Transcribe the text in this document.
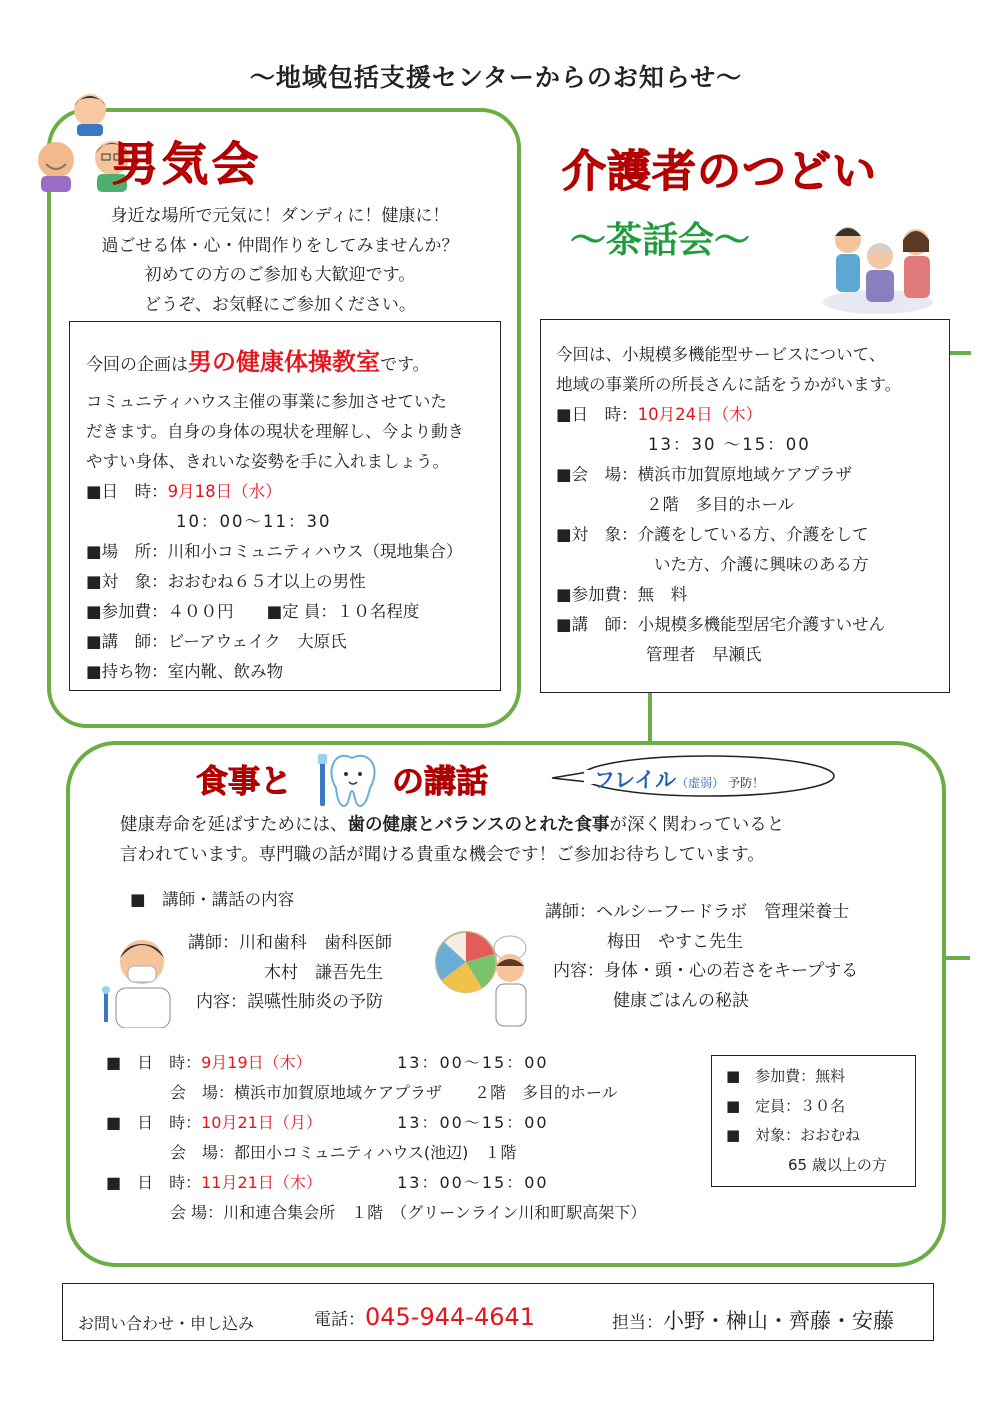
～地域包括支援センターからのお知らせ～
男気会
身近な場所で元気に！ダンディに！健康に！
過ごせる体・心・仲間作りをしてみませんか？
初めての方のご参加も大歓迎です。
どうぞ、お気軽にご参加ください。
今回の企画は男の健康体操教室です。
コミュニティハウス主催の事業に参加させていた
だきます。自身の身体の現状を理解し、今より動き
やすい身体、きれいな姿勢を手に入れましょう。
■日　時：9月18日（水）
10：00～11：30
■場　所：川和小コミュニティハウス（現地集合）
■対　象：おおむね６５才以上の男性
■参加費：４００円　　■定 員：１０名程度
■講　師：ビーアウェイク　大原氏
■持ち物：室内靴、飲み物
介護者のつどい
～茶話会～
今回は、小規模多機能型サービスについて、
地域の事業所の所長さんに話をうかがいます。
■日　時：10月24日（木）
13：30 ～15：00
■会　場：横浜市加賀原地域ケアプラザ
２階　多目的ホール
■対　象：介護をしている方、介護をして
いた方、介護に興味のある方
■参加費：無　料
■講　師：小規模多機能型居宅介護すいせん
管理者　早瀬氏
食事と	の講話	フレイル（虚弱） 予防！
健康寿命を延ばすためには、歯の健康とバランスのとれた食事が深く関わっていると
言われています。専門職の話が聞ける貴重な機会です！ご参加お待ちしています。
■　講師・講話の内容
講師：川和歯科　歯科医師
木村　謙吾先生
内容：誤嚥性肺炎の予防
講師：ヘルシーフードラボ　管理栄養士
梅田　やすこ先生
内容：身体・頭・心の若さをキープする
健康ごはんの秘訣
■　日　時：9月19日（木）	13：00～15：00
会　場：横浜市加賀原地域ケアプラザ　　２階　多目的ホール
■　日　時：10月21日（月）	13：00～15：00
会　場：都田小コミュニティハウス(池辺)　１階
■　日　時：11月21日（木）	13：00～15：00
会 場：川和連合集会所　１階　（グリーンライン川和町駅高架下）
■　参加費：無料
■　定員：３０名
■　対象：おおむね
65 歳以上の方
お問い合わせ・申し込み	電話：045-944-4641	担当：小野・榊山・齊藤・安藤
